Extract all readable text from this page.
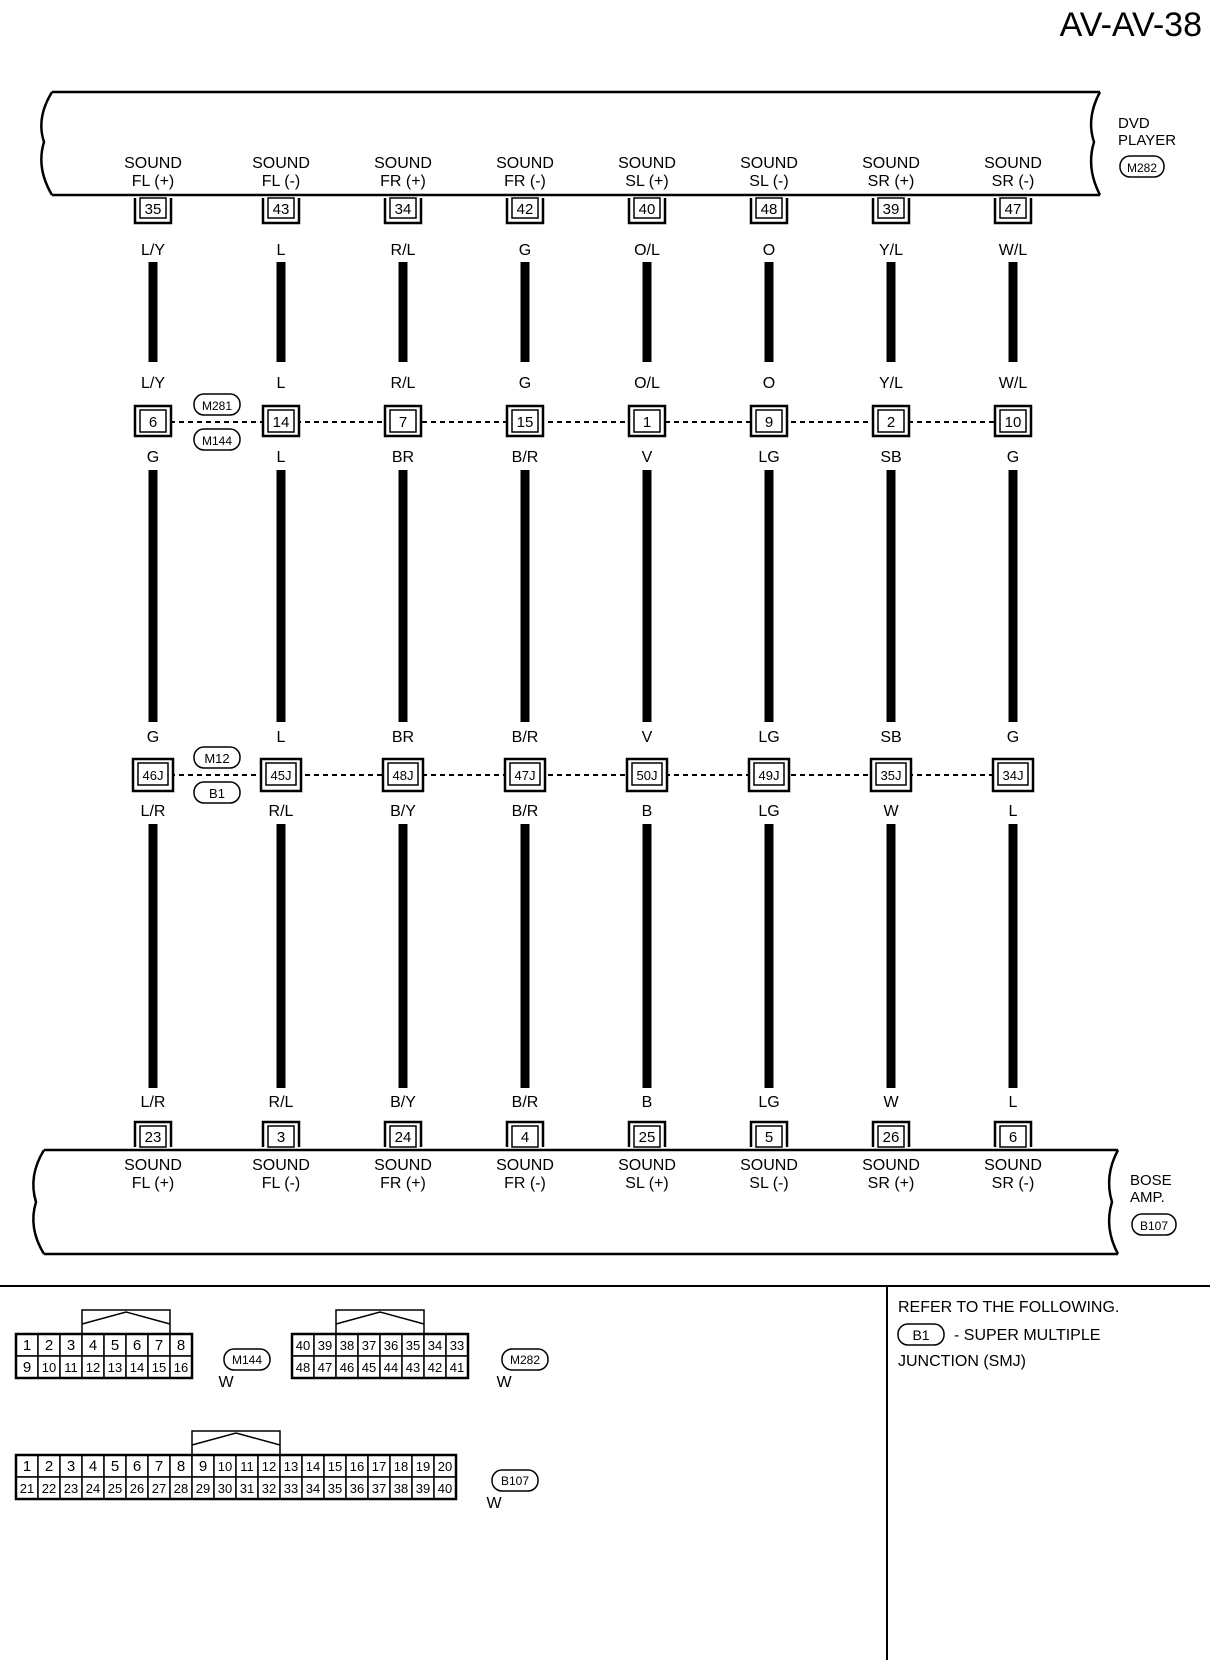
AV-AV-38
DVD
PLAYER
M282
BOSE
AMP.
B107
SOUND
FL (+)
SOUND
FL (+)
35
L/Y
L/Y
6
G
G
46J
L/R
L/R
23
SOUND
FL (-)
SOUND
FL (-)
43
L
L
14
L
L
45J
R/L
R/L
3
SOUND
FR (+)
SOUND
FR (+)
34
R/L
R/L
7
BR
BR
48J
B/Y
B/Y
24
SOUND
FR (-)
SOUND
FR (-)
42
G
G
15
B/R
B/R
47J
B/R
B/R
4
SOUND
SL (+)
SOUND
SL (+)
40
O/L
O/L
1
V
V
50J
B
B
25
SOUND
SL (-)
SOUND
SL (-)
48
O
O
9
LG
LG
49J
LG
LG
5
SOUND
SR (+)
SOUND
SR (+)
39
Y/L
Y/L
2
SB
SB
35J
W
W
26
SOUND
SR (-)
SOUND
SR (-)
47
W/L
W/L
10
G
G
34J
L
L
6
M281
M144
M12
B1
1 2 3 4 5 6 7 8
9 10 11 12 13 14 15 16	M144
W
40 39 38 37 36 35 34 33
48 47 46 45 44 43 42 41	M282
W
1 2 3 4 5 6 7 8 9 10 11 12 13 14 15 16 17 18 19 20
21 22 23 24 25 26 27 28 29 30 31 32 33 34 35 36 37 38 39 40	B107
W
REFER TO THE FOLLOWING.
B1 - SUPER MULTIPLE
JUNCTION (SMJ)
